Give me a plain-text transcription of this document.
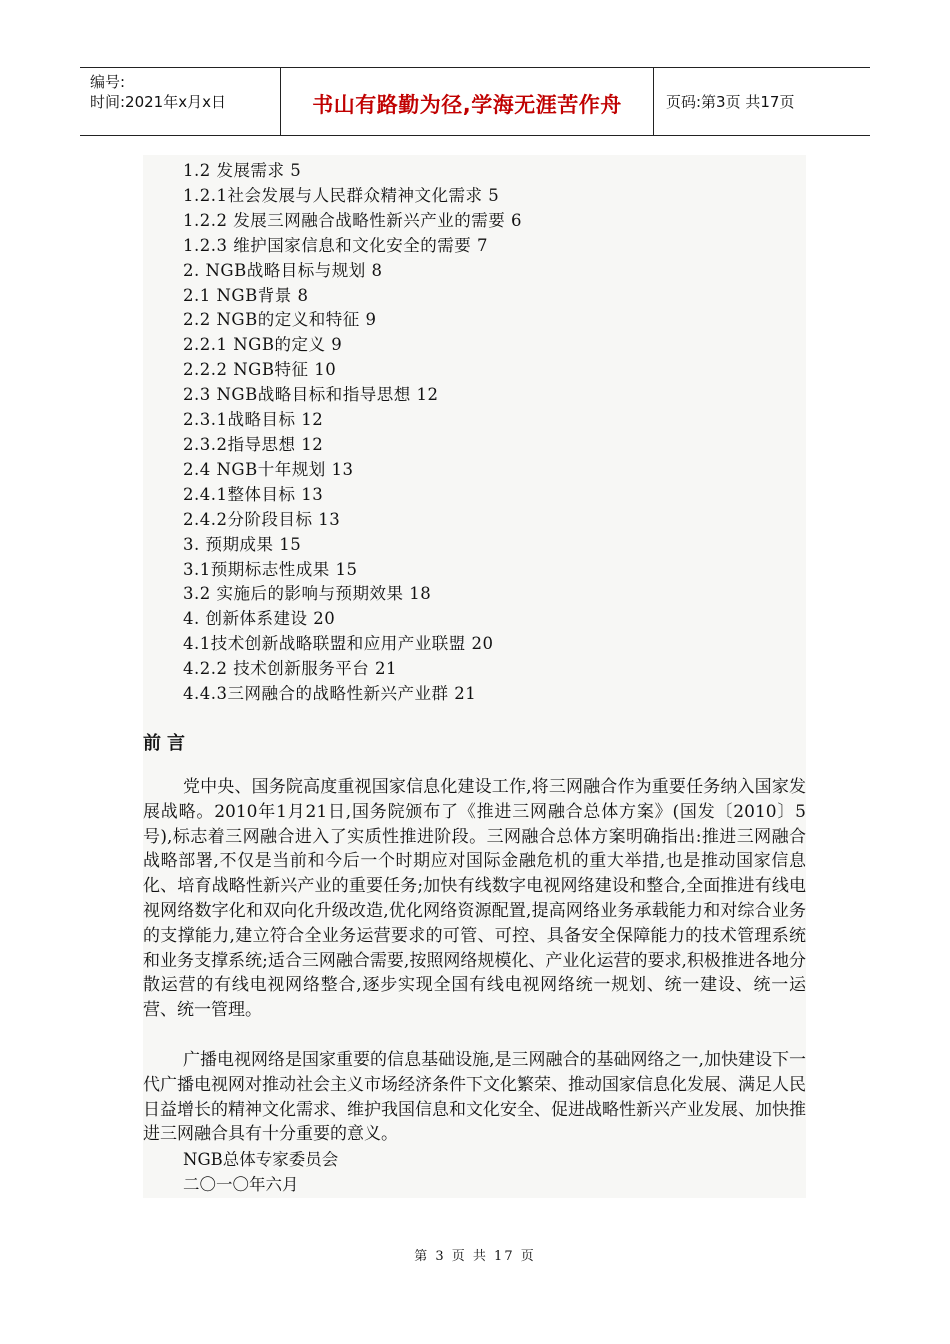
编号:
时间:2021年x月x日	书山有路勤为径,学海无涯苦作舟	页码:第3页 共17页
1.2 发展需求 5
1.2.1社会发展与人民群众精神文化需求 5
1.2.2 发展三网融合战略性新兴产业的需要 6
1.2.3 维护国家信息和文化安全的需要 7
2. NGB战略目标与规划 8
2.1 NGB背景 8
2.2 NGB的定义和特征 9
2.2.1 NGB的定义 9
2.2.2 NGB特征 10
2.3 NGB战略目标和指导思想 12
2.3.1战略目标 12
2.3.2指导思想 12
2.4 NGB十年规划 13
2.4.1整体目标 13
2.4.2分阶段目标 13
3. 预期成果 15
3.1预期标志性成果 15
3.2 实施后的影响与预期效果 18
4. 创新体系建设 20
4.1技术创新战略联盟和应用产业联盟 20
4.2.2 技术创新服务平台 21
4.4.3三网融合的战略性新兴产业群 21
前言

党中央、国务院高度重视国家信息化建设工作,将三网融合作为重要任务纳入国家发展战略。2010年1月21日,国务院颁布了《推进三网融合总体方案》(国发〔2010〕5号),标志着三网融合进入了实质性推进阶段。三网融合总体方案明确指出:推进三网融合战略部署,不仅是当前和今后一个时期应对国际金融危机的重大举措,也是推动国家信息化、培育战略性新兴产业的重要任务;加快有线数字电视网络建设和整合,全面推进有线电视网络数字化和双向化升级改造,优化网络资源配置,提高网络业务承载能力和对综合业务的支撑能力,建立符合全业务运营要求的可管、可控、具备安全保障能力的技术管理系统和业务支撑系统;适合三网融合需要,按照网络规模化、产业化运营的要求,积极推进各地分散运营的有线电视网络整合,逐步实现全国有线电视网络统一规划、统一建设、统一运营、统一管理。

广播电视网络是国家重要的信息基础设施,是三网融合的基础网络之一,加快建设下一代广播电视网对推动社会主义市场经济条件下文化繁荣、推动国家信息化发展、满足人民日益增长的精神文化需求、维护我国信息和文化安全、促进战略性新兴产业发展、加快推进三网融合具有十分重要的意义。

NGB总体专家委员会
二〇一〇年六月
第 3 页 共 17 页
